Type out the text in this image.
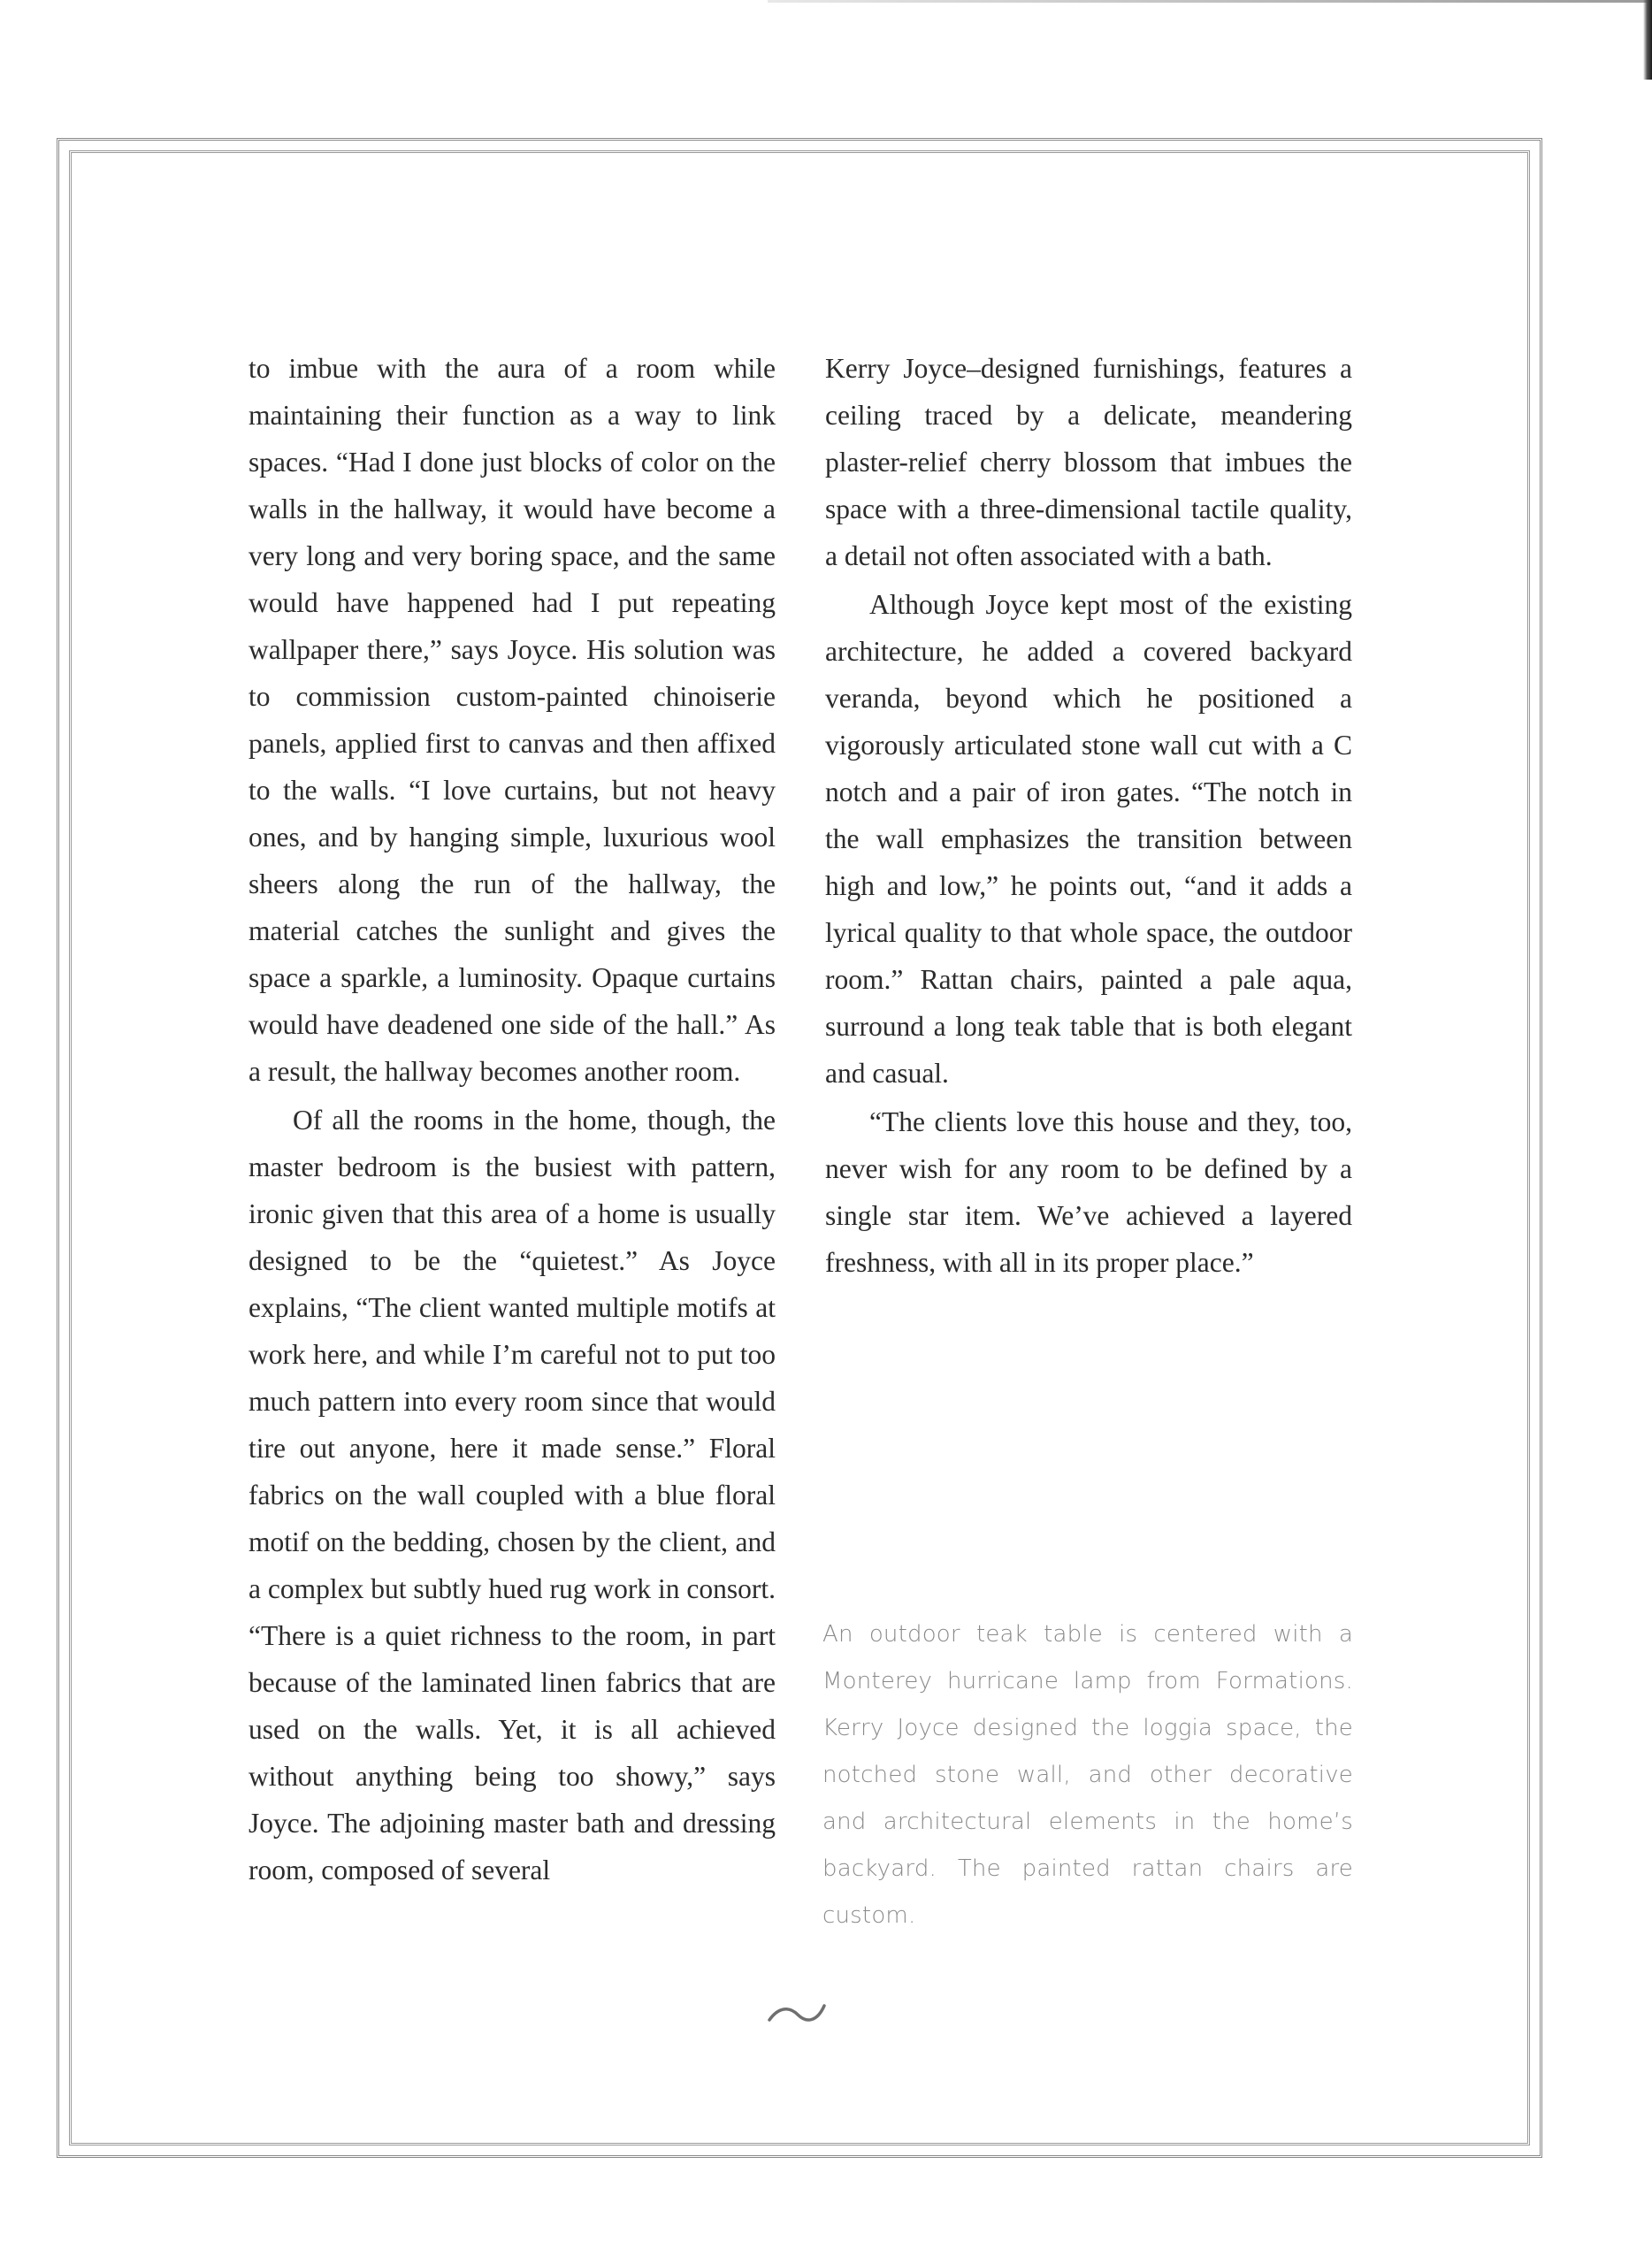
to imbue with the aura of a room while maintaining their function as a way to link spaces. “Had I done just blocks of color on the walls in the hallway, it would have become a very long and very boring space, and the same would have happened had I put repeating wallpaper there,” says Joyce. His solution was to commission custom-painted chinoiserie panels, applied first to canvas and then affixed to the walls. “I love curtains, but not heavy ones, and by hanging simple, luxurious wool sheers along the run of the hallway, the material catches the sunlight and gives the space a sparkle, a luminosity. Opaque curtains would have deadened one side of the hall.” As a result, the hallway becomes another room.

Of all the rooms in the home, though, the master bedroom is the busiest with pattern, ironic given that this area of a home is usually designed to be the “quietest.” As Joyce explains, “The client wanted multiple motifs at work here, and while I’m careful not to put too much pattern into every room since that would tire out anyone, here it made sense.” Floral fabrics on the wall coupled with a blue floral motif on the bedding, chosen by the client, and a complex but subtly hued rug work in consort. “There is a quiet richness to the room, in part because of the laminated linen fabrics that are used on the walls. Yet, it is all achieved without anything being too showy,” says Joyce. The adjoining master bath and dressing room, composed of several

Kerry Joyce–designed furnishings, features a ceiling traced by a delicate, meandering plaster-relief cherry blossom that imbues the space with a three-dimensional tactile quality, a detail not often associated with a bath.

Although Joyce kept most of the existing architecture, he added a covered backyard veranda, beyond which he positioned a vigorously articulated stone wall cut with a C notch and a pair of iron gates. “The notch in the wall emphasizes the transition between high and low,” he points out, “and it adds a lyrical quality to that whole space, the outdoor room.” Rattan chairs, painted a pale aqua, surround a long teak table that is both elegant and casual.

“The clients love this house and they, too, never wish for any room to be defined by a single star item. We’ve achieved a layered freshness, with all in its proper place.”

An outdoor teak table is centered with a Monterey hurricane lamp from Formations. Kerry Joyce designed the loggia space, the notched stone wall, and other decorative and architectural elements in the home’s backyard. The painted rattan chairs are custom.
